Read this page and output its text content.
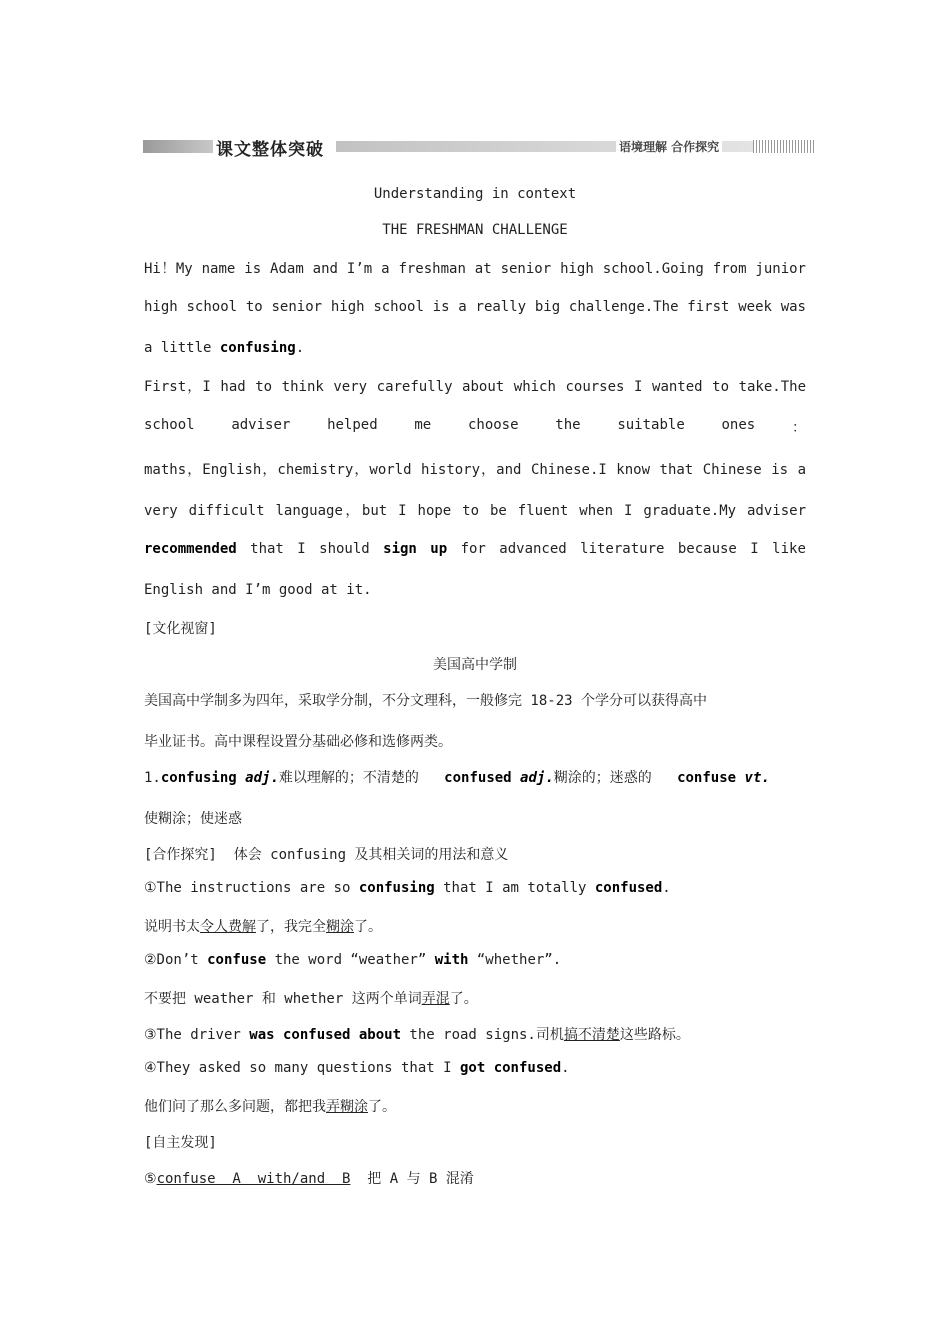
课文整体突破	语境理解 合作探究
Understanding in context
THE FRESHMAN CHALLENGE
Hi！My name is Adam and I’m a freshman at senior high school.Going from junior
high school to senior high school is a really big challenge.The first week was
a little confusing.
First，I had to think very carefully about which courses I wanted to take.The
school	adviser	helped	me	choose	the	suitable	ones	：
maths，English，chemistry，world history，and Chinese.I know that Chinese is a
very difficult language，but I hope to be fluent when I graduate.My adviser
recommended that I should sign up for advanced literature because I like
English and I’m good at it.
[文化视窗]
美国高中学制
美国高中学制多为四年，采取学分制，不分文理科，一般修完 18-23 个学分可以获得高中
毕业证书。高中课程设置分基础必修和选修两类。
1.confusing adj.难以理解的；不清楚的 confused adj.糊涂的；迷惑的 confuse vt.
使糊涂；使迷惑
[合作探究] 体会 confusing 及其相关词的用法和意义
①The instructions are so confusing that I am totally confused.
说明书太令人费解了，我完全糊涂了。
②Don’t confuse the word “weather” with “whether”.
不要把 weather 和 whether 这两个单词弄混了。
③The driver was confused about the road signs.司机搞不清楚这些路标。
④They asked so many questions that I got confused.
他们问了那么多问题，都把我弄糊涂了。
[自主发现]
⑤confuse  A  with/and  B  把 A 与 B 混淆
